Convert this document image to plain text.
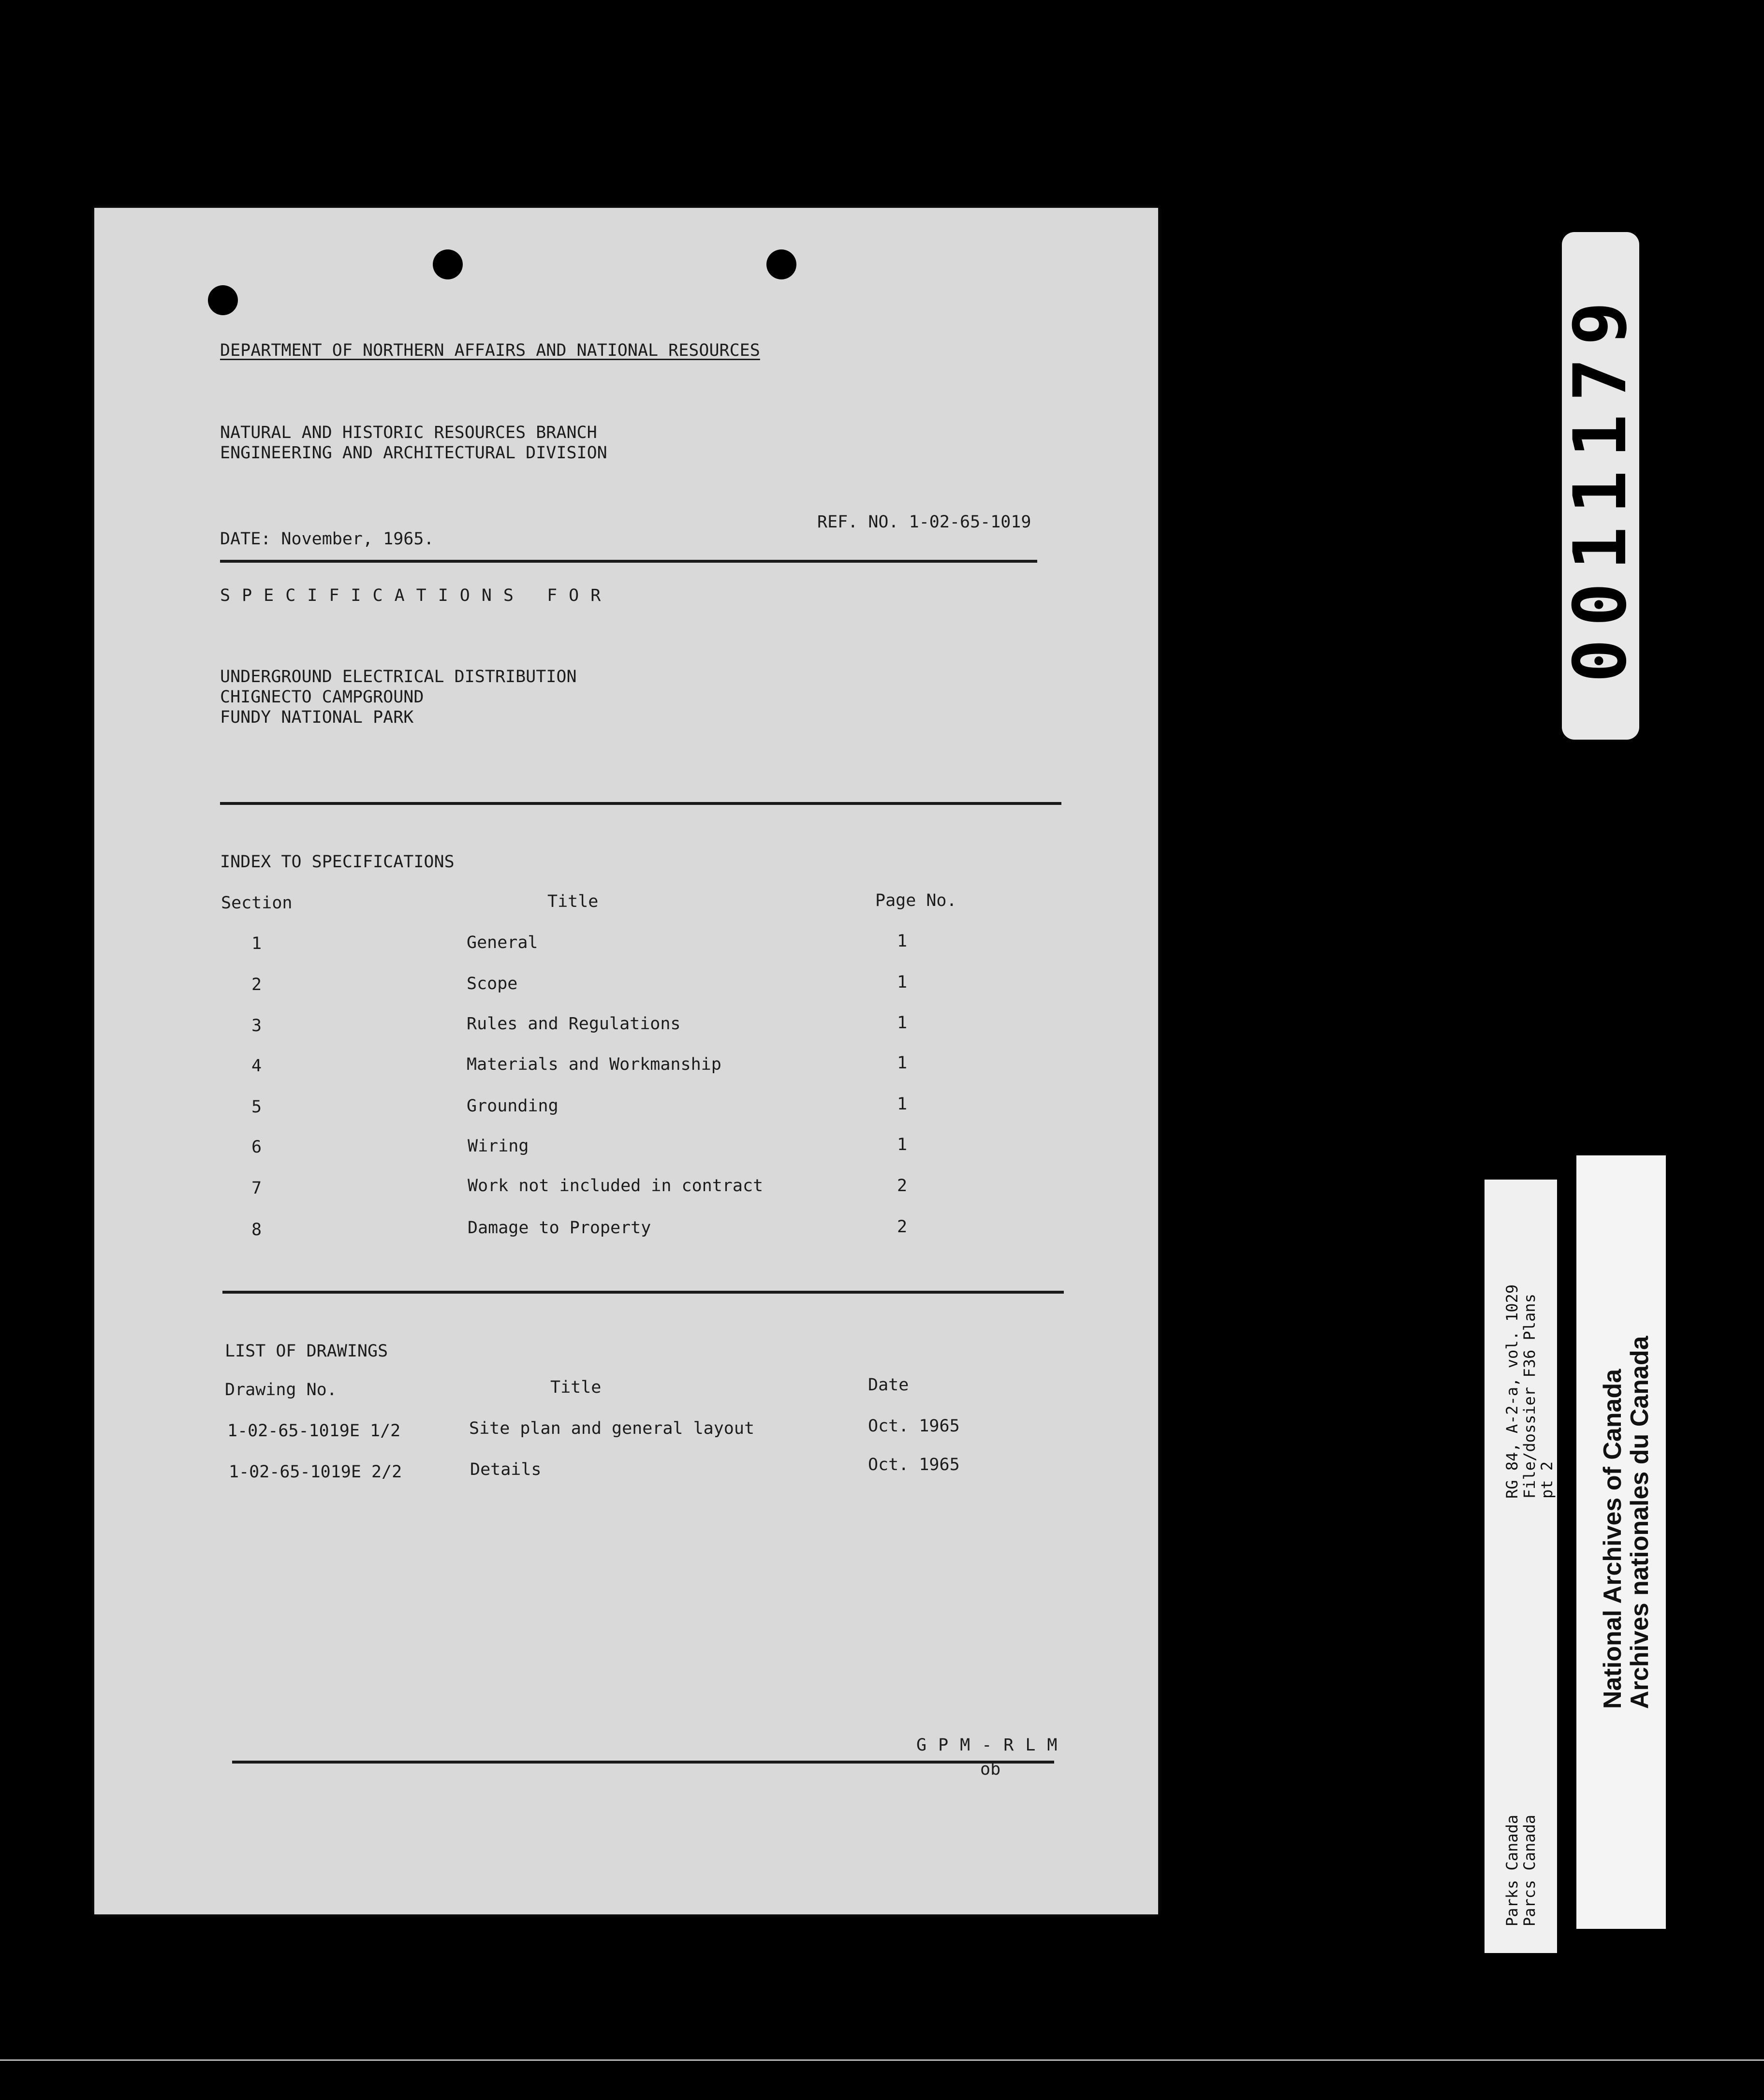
DEPARTMENT OF NORTHERN AFFAIRS AND NATIONAL RESOURCES
NATURAL AND HISTORIC RESOURCES BRANCH
ENGINEERING AND ARCHITECTURAL DIVISION
DATE: November, 1965.
REF. NO. 1-02-65-1019
SPECIFICATIONS FOR
UNDERGROUND ELECTRICAL DISTRIBUTION
CHIGNECTO CAMPGROUND
FUNDY NATIONAL PARK
INDEX TO SPECIFICATIONS
Section	Title	Page No.
1	General	1
2	Scope	1
3	Rules and Regulations	1
4	Materials and Workmanship	1
5	Grounding	1
6	Wiring	1
7	Work not included in contract	2
8	Damage to Property	2
LIST OF DRAWINGS
Drawing No.	Title	Date
1-02-65-1019E 1/2	Site plan and general layout	Oct. 1965
1-02-65-1019E 2/2	Details	Oct. 1965
GPM-RLM
ob
0011179
Parks Canada
Parcs Canada
RG 84, A-2-a, vol. 1029
File/dossier F36 Plans
pt 2 National Archives of Canada
Archives nationales du Canada
